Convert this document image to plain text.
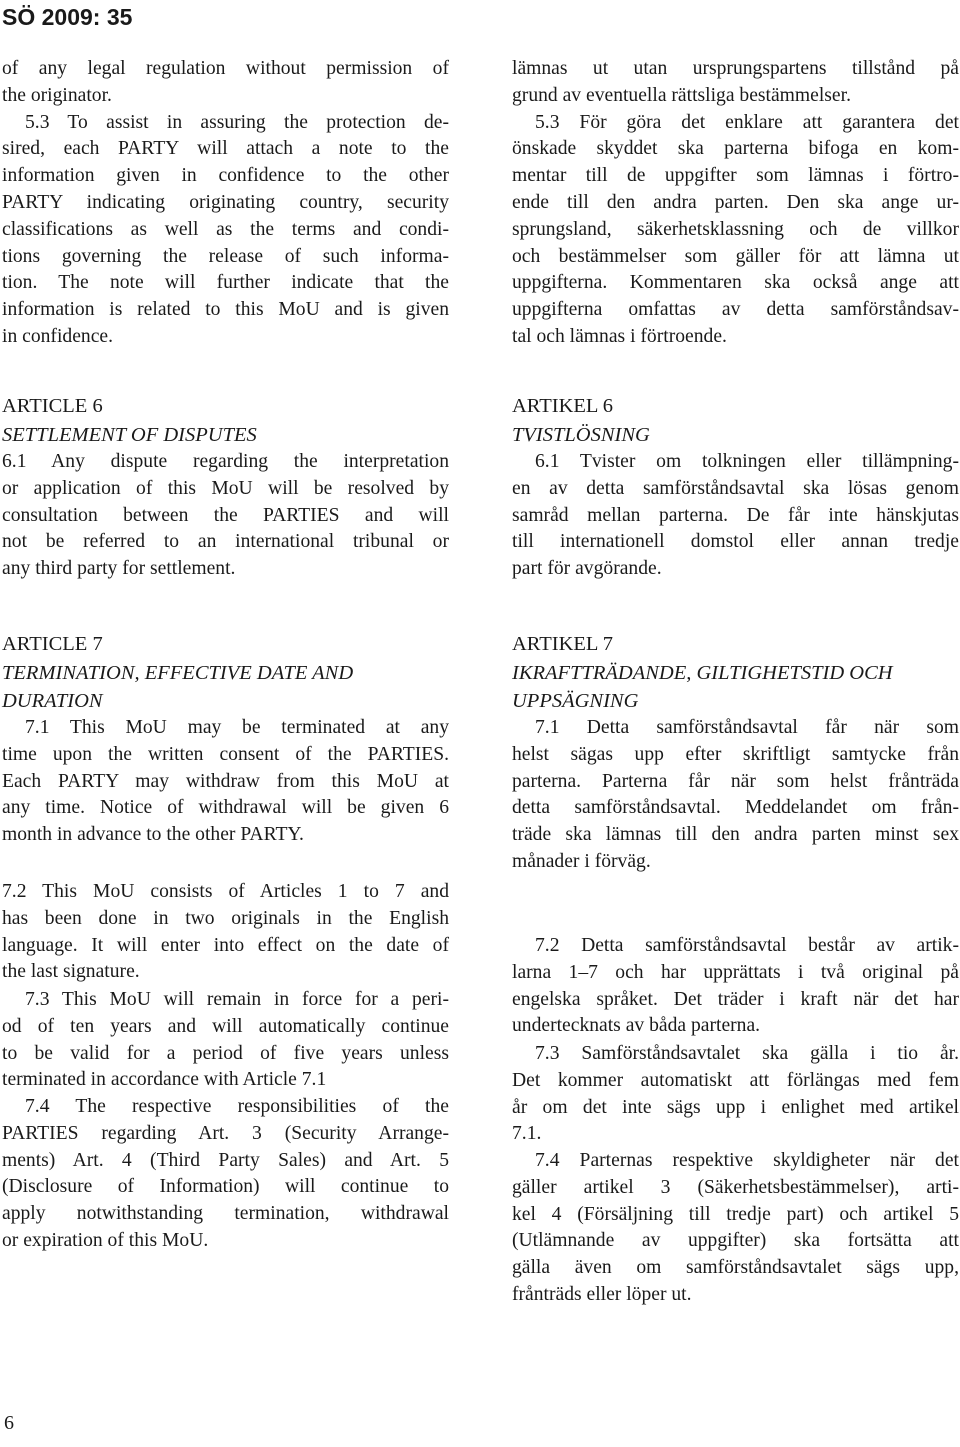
SÖ 2009: 35
of any legal regulation without permission of
the originator.
5.3 To assist in assuring the protection de-
sired, each PARTY will attach a note to the
information given in confidence to the other
PARTY indicating originating country, security
classifications as well as the terms and condi-
tions governing the release of such informa-
tion. The note will further indicate that the
information is related to this MoU and is given
in confidence.
ARTICLE 6
SETTLEMENT OF DISPUTES
6.1 Any dispute regarding the interpretation
or application of this MoU will be resolved by
consultation between the PARTIES and will
not be referred to an international tribunal or
any third party for settlement.
ARTICLE 7
TERMINATION, EFFECTIVE DATE AND
DURATION
7.1 This MoU may be terminated at any
time upon the written consent of the PARTIES.
Each PARTY may withdraw from this MoU at
any time. Notice of withdrawal will be given 6
month in advance to the other PARTY.
7.2 This MoU consists of Articles 1 to 7 and
has been done in two originals in the English
language. It will enter into effect on the date of
the last signature.
7.3 This MoU will remain in force for a peri-
od of ten years and will automatically continue
to be valid for a period of five years unless
terminated in accordance with Article 7.1
7.4 The respective responsibilities of the
PARTIES regarding Art. 3 (Security Arrange-
ments) Art. 4 (Third Party Sales) and Art. 5
(Disclosure of Information) will continue to
apply notwithstanding termination, withdrawal
or expiration of this MoU.
lämnas ut utan ursprungspartens tillstånd på
grund av eventuella rättsliga bestämmelser.
5.3 För göra det enklare att garantera det
önskade skyddet ska parterna bifoga en kom-
mentar till de uppgifter som lämnas i förtro-
ende till den andra parten. Den ska ange ur-
sprungsland, säkerhetsklassning och de villkor
och bestämmelser som gäller för att lämna ut
uppgifterna. Kommentaren ska också ange att
uppgifterna omfattas av detta samförståndsav-
tal och lämnas i förtroende.
ARTIKEL 6
TVISTLÖSNING
6.1 Tvister om tolkningen eller tillämpning-
en av detta samförståndsavtal ska lösas genom
samråd mellan parterna. De får inte hänskjutas
till internationell domstol eller annan tredje
part för avgörande.
ARTIKEL 7
IKRAFTTRÄDANDE, GILTIGHETSTID OCH
UPPSÄGNING
7.1 Detta samförståndsavtal får när som
helst sägas upp efter skriftligt samtycke från
parterna. Parterna får när som helst frånträda
detta samförståndsavtal. Meddelandet om från-
träde ska lämnas till den andra parten minst sex
månader i förväg.
7.2 Detta samförståndsavtal består av artik-
larna 1–7 och har upprättats i två original på
engelska språket. Det träder i kraft när det har
undertecknats av båda parterna.
7.3 Samförståndsavtalet ska gälla i tio år.
Det kommer automatiskt att förlängas med fem
år om det inte sägs upp i enlighet med artikel
7.1.
7.4 Parternas respektive skyldigheter när det
gäller artikel 3 (Säkerhetsbestämmelser), arti-
kel 4 (Försäljning till tredje part) och artikel 5
(Utlämnande av uppgifter) ska fortsätta att
gälla även om samförståndsavtalet sägs upp,
frånträds eller löper ut.
6
